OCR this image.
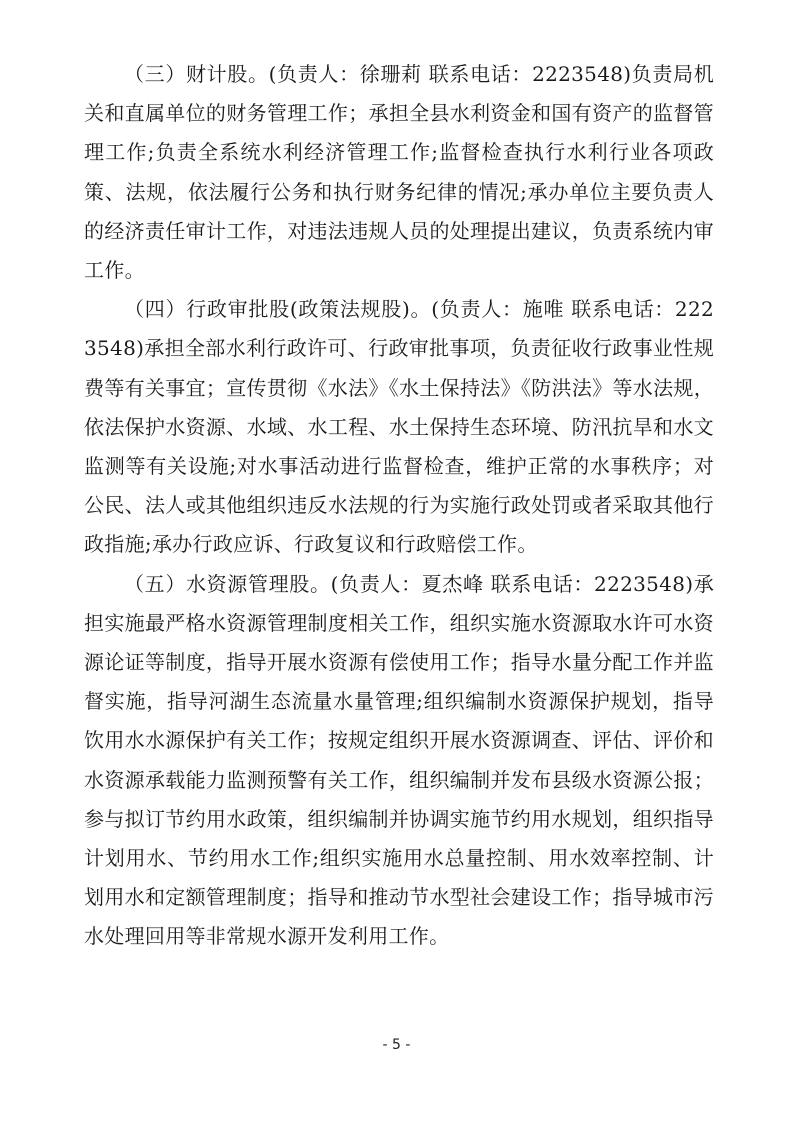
（三）财计股。(负责人：徐珊莉 联系电话：2223548)负责局机关和直属单位的财务管理工作；承担全县水利资金和国有资产的监督管理工作;负责全系统水利经济管理工作;监督检查执行水利行业各项政策、法规，依法履行公务和执行财务纪律的情况;承办单位主要负责人的经济责任审计工作，对违法违规人员的处理提出建议，负责系统内审工作。

（四）行政审批股(政策法规股)。(负责人：施唯 联系电话：2223548)承担全部水利行政许可、行政审批事项，负责征收行政事业性规费等有关事宜；宣传贯彻《水法》《水土保持法》《防洪法》等水法规，依法保护水资源、水域、水工程、水土保持生态环境、防汛抗旱和水文监测等有关设施;对水事活动进行监督检查，维护正常的水事秩序；对公民、法人或其他组织违反水法规的行为实施行政处罚或者采取其他行政指施;承办行政应诉、行政复议和行政赔偿工作。

（五）水资源管理股。(负责人：夏杰峰 联系电话：2223548)承担实施最严格水资源管理制度相关工作，组织实施水资源取水许可水资源论证等制度，指导开展水资源有偿使用工作；指导水量分配工作并监督实施，指导河湖生态流量水量管理;组织编制水资源保护规划，指导饮用水水源保护有关工作；按规定组织开展水资源调查、评估、评价和水资源承载能力监测预警有关工作，组织编制并发布县级水资源公报；参与拟订节约用水政策，组织编制并协调实施节约用水规划，组织指导计划用水、节约用水工作;组织实施用水总量控制、用水效率控制、计划用水和定额管理制度；指导和推动节水型社会建设工作；指导城市污水处理回用等非常规水源开发利用工作。

- 5 -
